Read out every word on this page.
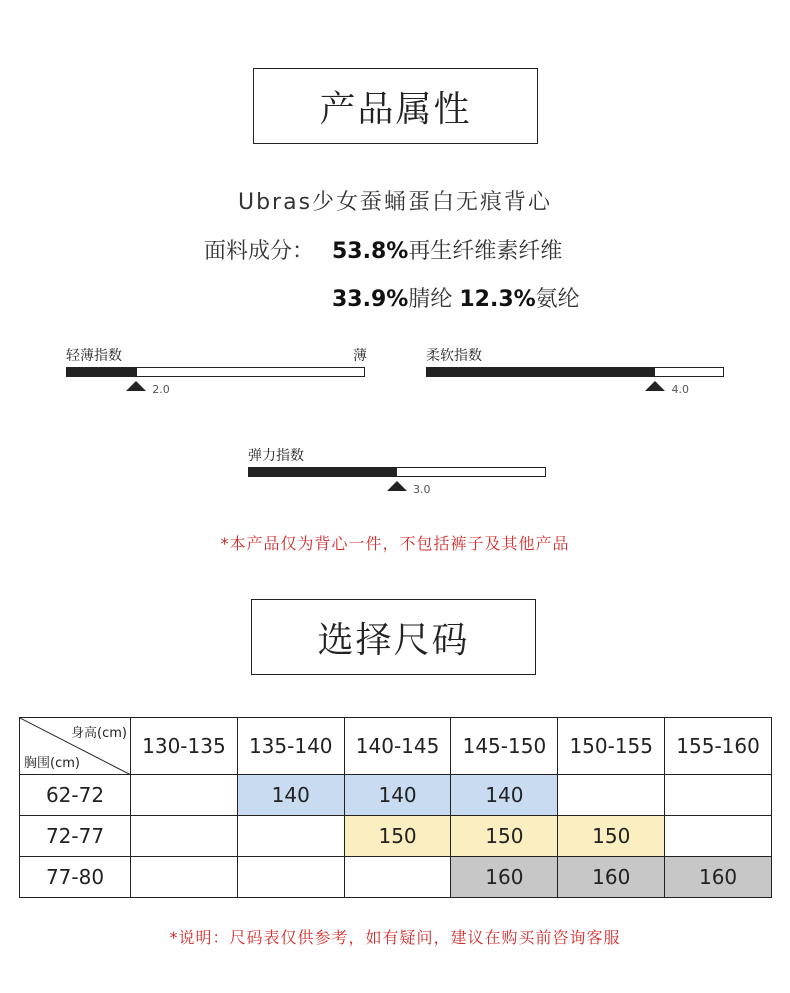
产品属性
Ubras少女蚕蛹蛋白无痕背心
面料成分： 53.8%再生纤维素纤维
33.9%腈纶 12.3%氨纶
轻薄指数	薄
2.0
柔软指数
4.0
弹力指数
3.0
*本产品仅为背心一件，不包括裤子及其他产品
选择尺码
身高(cm)
胸围(cm)	130-135	135-140	140-145	145-150	150-155	155-160
62-72		140	140	140		
72-77			150	150	150	
77-80				160	160	160
*说明：尺码表仅供参考，如有疑问，建议在购买前咨询客服
